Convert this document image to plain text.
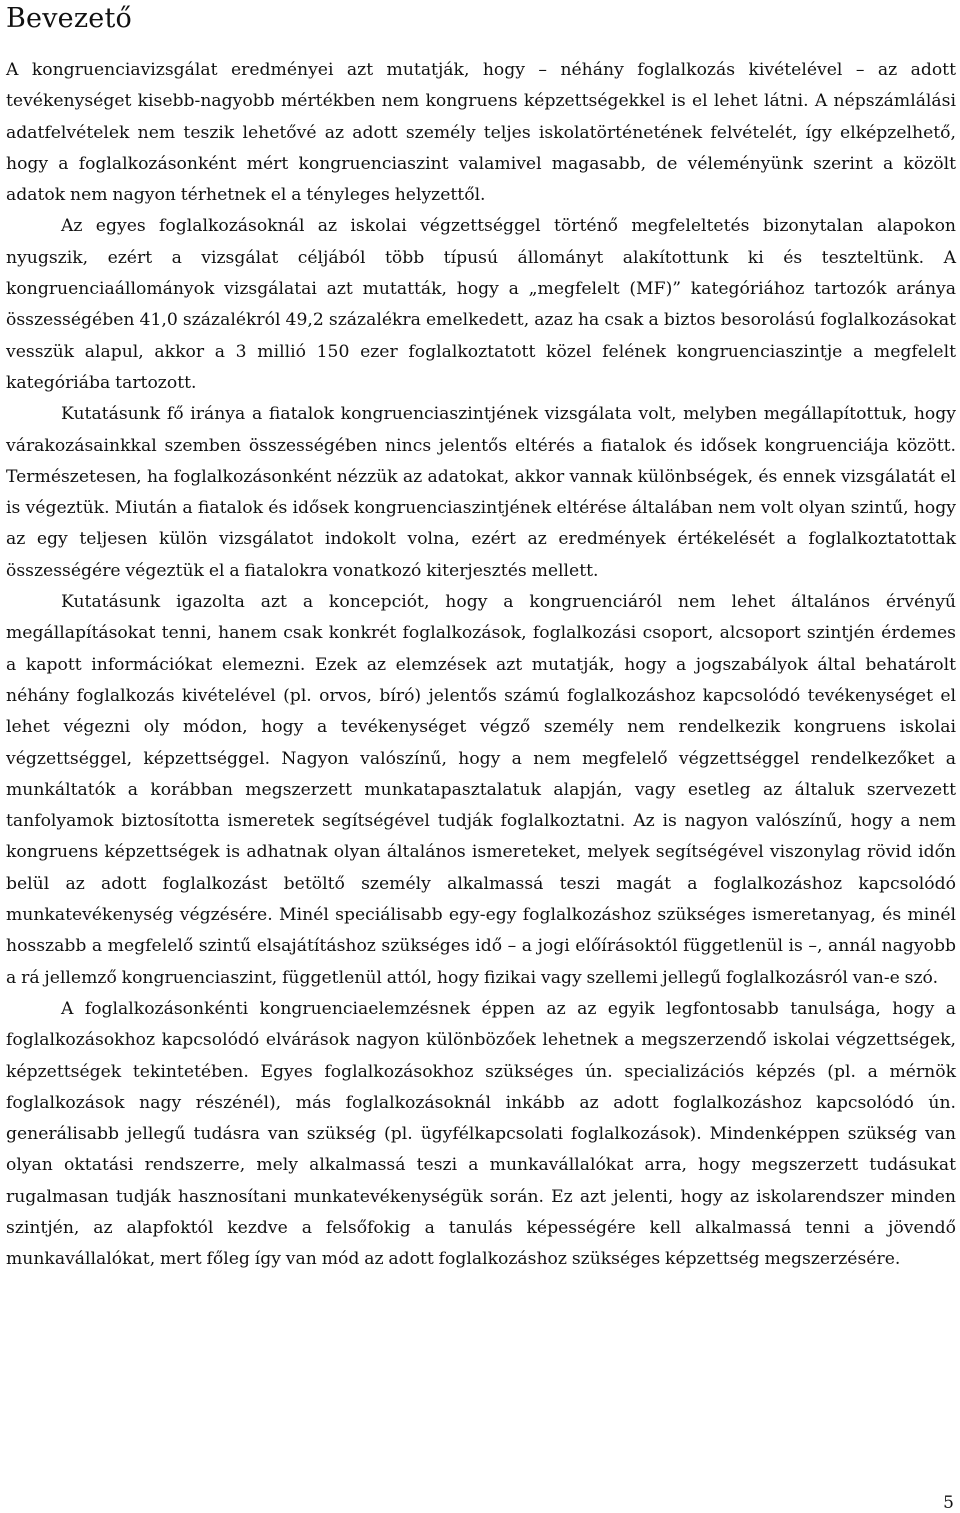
Bevezető

A kongruenciavizsgálat eredményei azt mutatják, hogy – néhány foglalkozás kivételével – az adott tevékenységet kisebb-nagyobb mértékben nem kongruens képzettségekkel is el lehet látni. A népszámlálási adatfelvételek nem teszik lehetővé az adott személy teljes iskolatörténetének felvételét, így elképzelhető, hogy a foglalkozásonként mért kongruenciaszint valamivel magasabb, de véleményünk szerint a közölt adatok nem nagyon térhetnek el a tényleges helyzettől.

Az egyes foglalkozásoknál az iskolai végzettséggel történő megfeleltetés bizonytalan alapokon nyugszik, ezért a vizsgálat céljából több típusú állományt alakítottunk ki és teszteltünk. A kongruenciaállományok vizsgálatai azt mutatták, hogy a „megfelelt (MF)” kategóriához tartozók aránya összességében 41,0 százalékról 49,2 százalékra emelkedett, azaz ha csak a biztos besorolású foglalkozásokat vesszük alapul, akkor a 3 millió 150 ezer foglalkoztatott közel felének kongruenciaszintje a megfelelt kategóriába tartozott.

Kutatásunk fő iránya a fiatalok kongruenciaszintjének vizsgálata volt, melyben megállapítottuk, hogy várakozásainkkal szemben összességében nincs jelentős eltérés a fiatalok és idősek kongruenciája között. Természetesen, ha foglalkozásonként nézzük az adatokat, akkor vannak különbségek, és ennek vizsgálatát el is végeztük. Miután a fiatalok és idősek kongruenciaszintjének eltérése általában nem volt olyan szintű, hogy az egy teljesen külön vizsgálatot indokolt volna, ezért az eredmények értékelését a foglalkoztatottak összességére végeztük el a fiatalokra vonatkozó kiterjesztés mellett.

Kutatásunk igazolta azt a koncepciót, hogy a kongruenciáról nem lehet általános érvényű megállapításokat tenni, hanem csak konkrét foglalkozások, foglalkozási csoport, alcsoport szintjén érdemes a kapott információkat elemezni. Ezek az elemzések azt mutatják, hogy a jogszabályok által behatárolt néhány foglalkozás kivételével (pl. orvos, bíró) jelentős számú foglalkozáshoz kapcsolódó tevékenységet el lehet végezni oly módon, hogy a tevékenységet végző személy nem rendelkezik kongruens iskolai végzettséggel, képzettséggel. Nagyon valószínű, hogy a nem megfelelő végzettséggel rendelkezőket a munkáltatók a korábban megszerzett munkatapasztalatuk alapján, vagy esetleg az általuk szervezett tanfolyamok biztosította ismeretek segítségével tudják foglalkoztatni. Az is nagyon valószínű, hogy a nem kongruens képzettségek is adhatnak olyan általános ismereteket, melyek segítségével viszonylag rövid időn belül az adott foglalkozást betöltő személy alkalmassá teszi magát a foglalkozáshoz kapcsolódó munkatevékenység végzésére. Minél speciálisabb egy-egy foglalkozáshoz szükséges ismeretanyag, és minél hosszabb a megfelelő szintű elsajátításhoz szükséges idő – a jogi előírásoktól függetlenül is –, annál nagyobb a rá jellemző kongruenciaszint, függetlenül attól, hogy fizikai vagy szellemi jellegű foglalkozásról van-e szó.

A foglalkozásonkénti kongruenciaelemzésnek éppen az az egyik legfontosabb tanulsága, hogy a foglalkozásokhoz kapcsolódó elvárások nagyon különbözőek lehetnek a megszerzendő iskolai végzettségek, képzettségek tekintetében. Egyes foglalkozásokhoz szükséges ún. specializációs képzés (pl. a mérnök foglalkozások nagy részénél), más foglalkozásoknál inkább az adott foglalkozáshoz kapcsolódó ún. generálisabb jellegű tudásra van szükség (pl. ügyfélkapcsolati foglalkozások). Mindenképpen szükség van olyan oktatási rendszerre, mely alkalmassá teszi a munkavállalókat arra, hogy megszerzett tudásukat rugalmasan tudják hasznosítani munkatevékenységük során. Ez azt jelenti, hogy az iskolarendszer minden szintjén, az alapfoktól kezdve a felsőfokig a tanulás képességére kell alkalmassá tenni a jövendő munkavállalókat, mert főleg így van mód az adott foglalkozáshoz szükséges képzettség megszerzésére.

5
